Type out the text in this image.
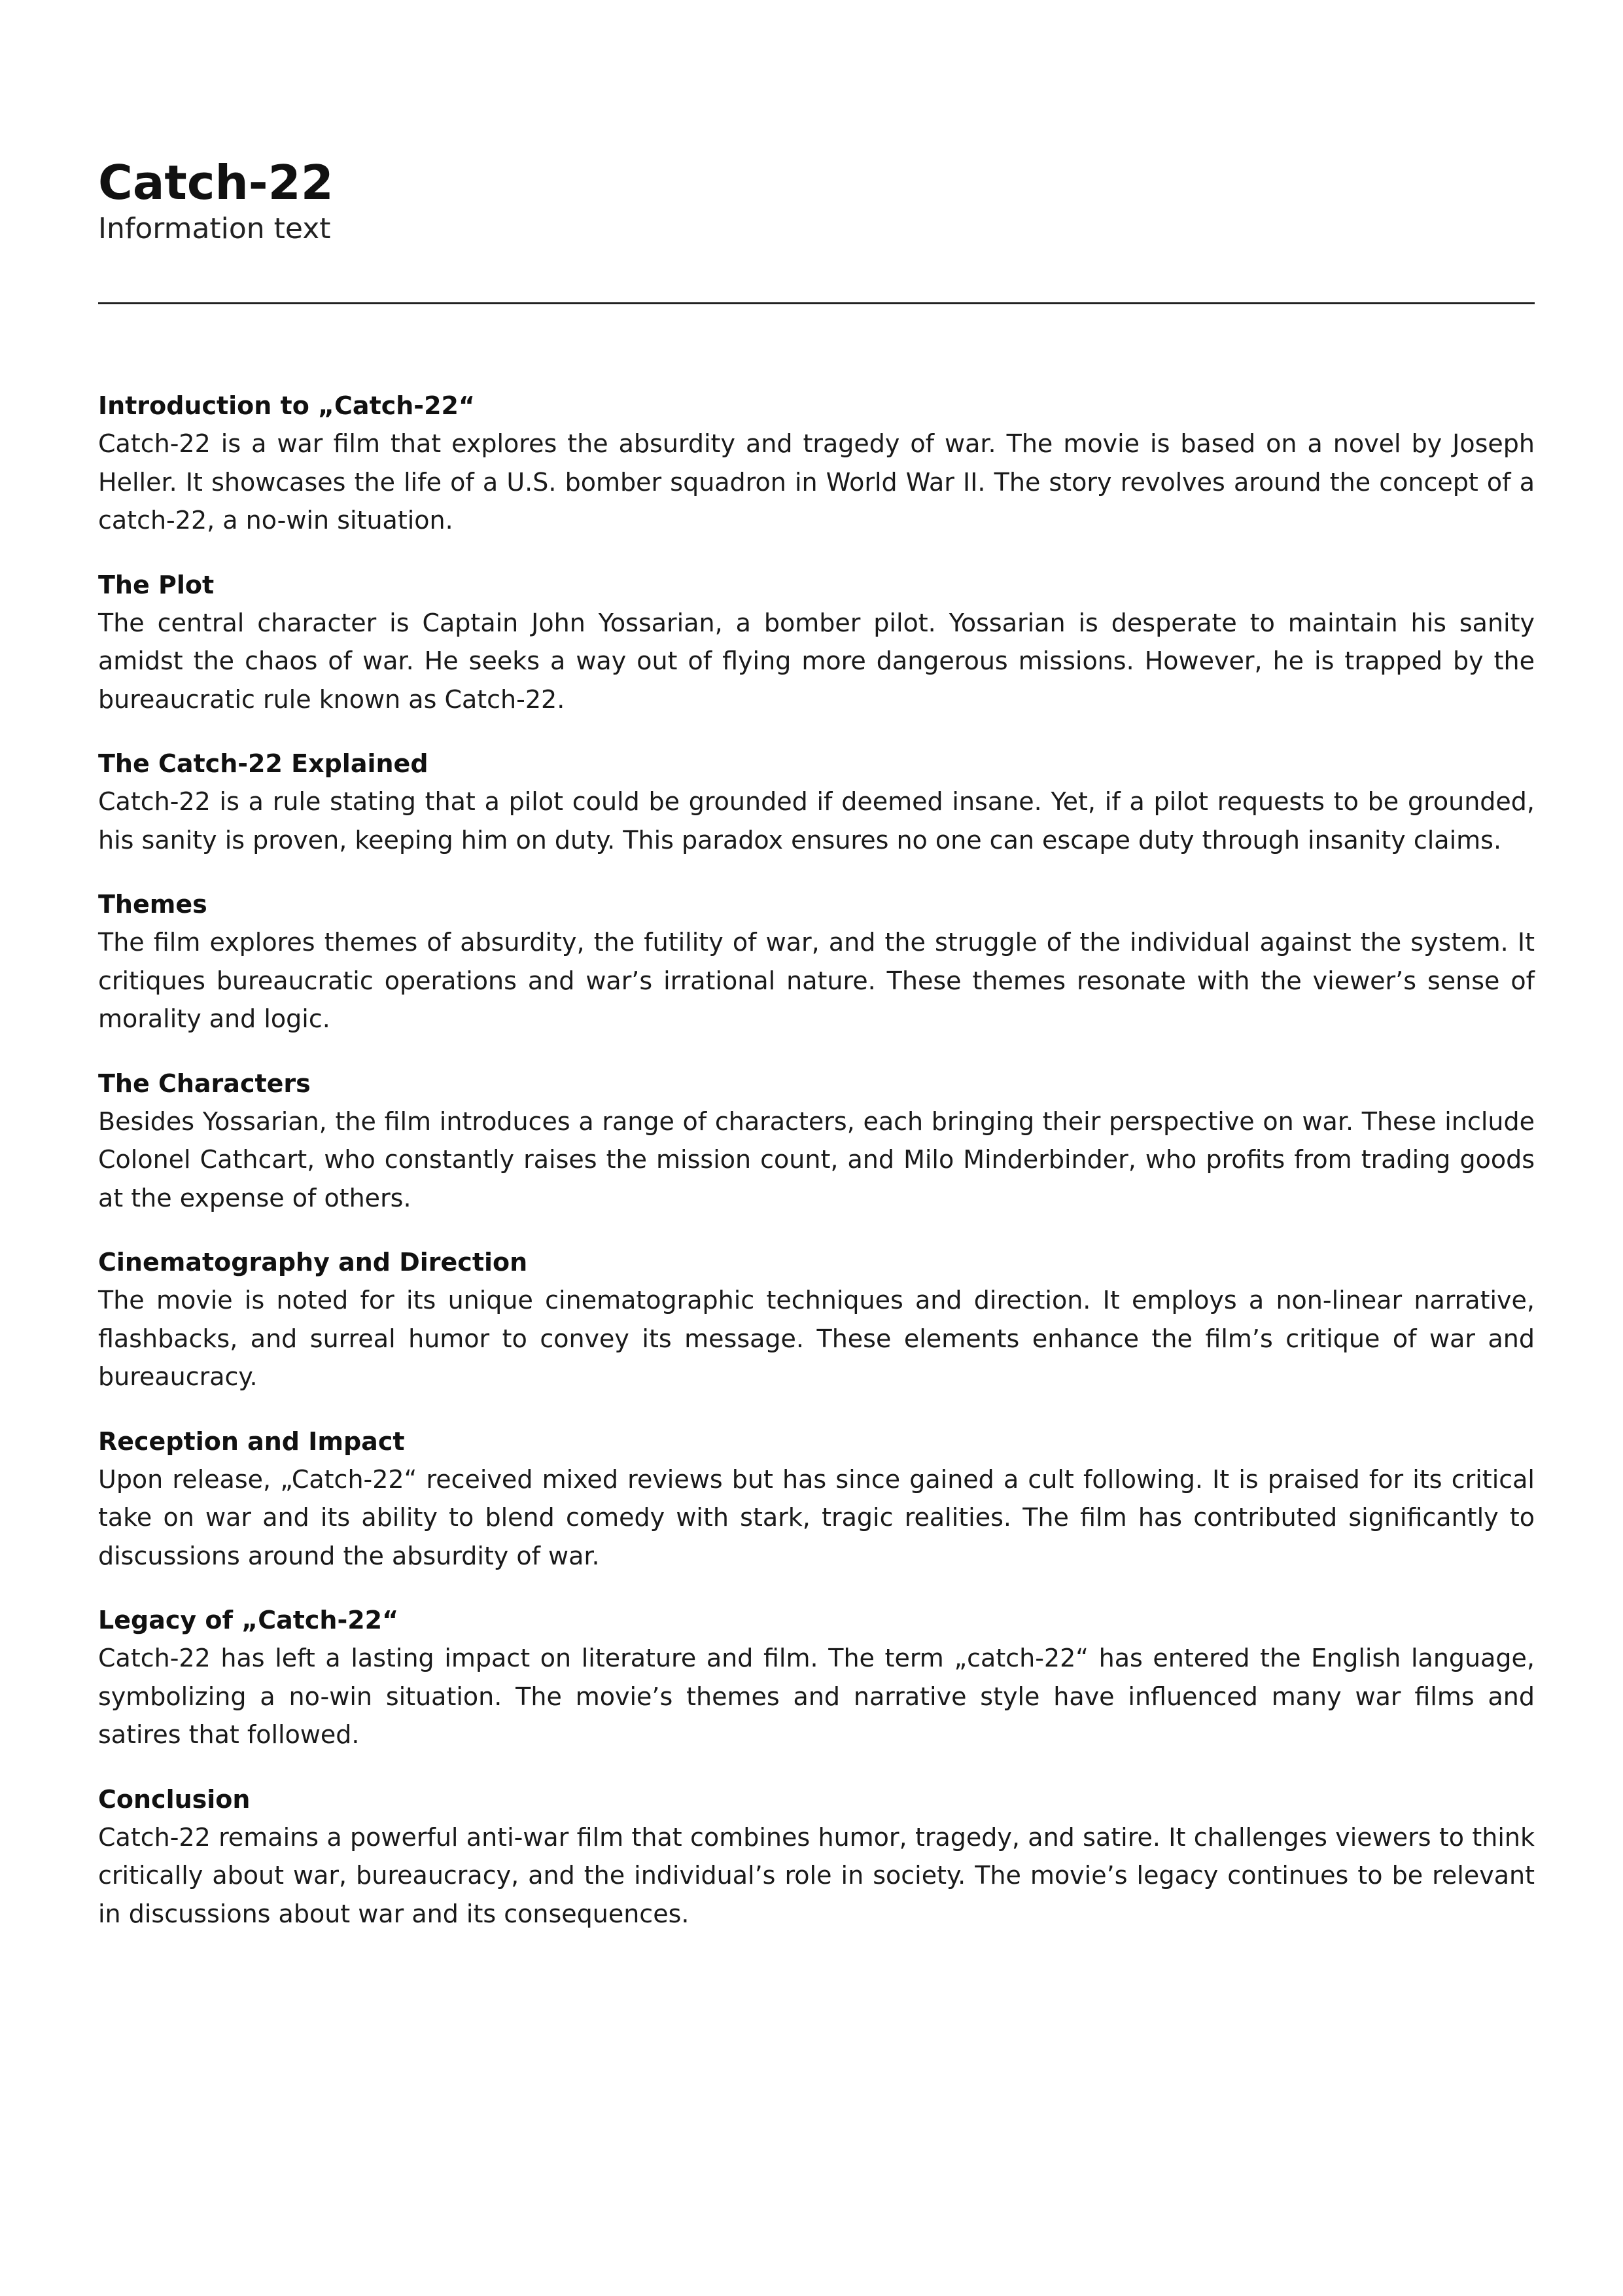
Catch-22
Information text
Introduction to „Catch-22“

Catch-22 is a war film that explores the absurdity and tragedy of war. The movie is based on a novel by Joseph Heller. It showcases the life of a U.S. bomber squadron in World War II. The story revolves around the concept of a catch-22, a no-win situation.

The Plot

The central character is Captain John Yossarian, a bomber pilot. Yossarian is desperate to maintain his sanity amidst the chaos of war. He seeks a way out of flying more dangerous missions. However, he is trapped by the bureaucratic rule known as Catch-22.

The Catch-22 Explained

Catch-22 is a rule stating that a pilot could be grounded if deemed insane. Yet, if a pilot requests to be grounded, his sanity is proven, keeping him on duty. This paradox ensures no one can escape duty through insanity claims.

Themes

The film explores themes of absurdity, the futility of war, and the struggle of the individual against the system. It critiques bureaucratic operations and war’s irrational nature. These themes resonate with the viewer’s sense of morality and logic.

The Characters

Besides Yossarian, the film introduces a range of characters, each bringing their perspective on war. These include Colonel Cathcart, who constantly raises the mission count, and Milo Minderbinder, who profits from trading goods at the expense of others.

Cinematography and Direction

The movie is noted for its unique cinematographic techniques and direction. It employs a non-linear narrative, flashbacks, and surreal humor to convey its message. These elements enhance the film’s critique of war and bureaucracy.

Reception and Impact

Upon release, „Catch-22“ received mixed reviews but has since gained a cult following. It is praised for its critical take on war and its ability to blend comedy with stark, tragic realities. The film has contributed significantly to discussions around the absurdity of war.

Legacy of „Catch-22“

Catch-22 has left a lasting impact on literature and film. The term „catch-22“ has entered the English language, symbolizing a no-win situation. The movie’s themes and narrative style have influenced many war films and satires that followed.

Conclusion

Catch-22 remains a powerful anti-war film that combines humor, tragedy, and satire. It challenges viewers to think critically about war, bureaucracy, and the individual’s role in society. The movie’s legacy continues to be relevant in discussions about war and its consequences.
